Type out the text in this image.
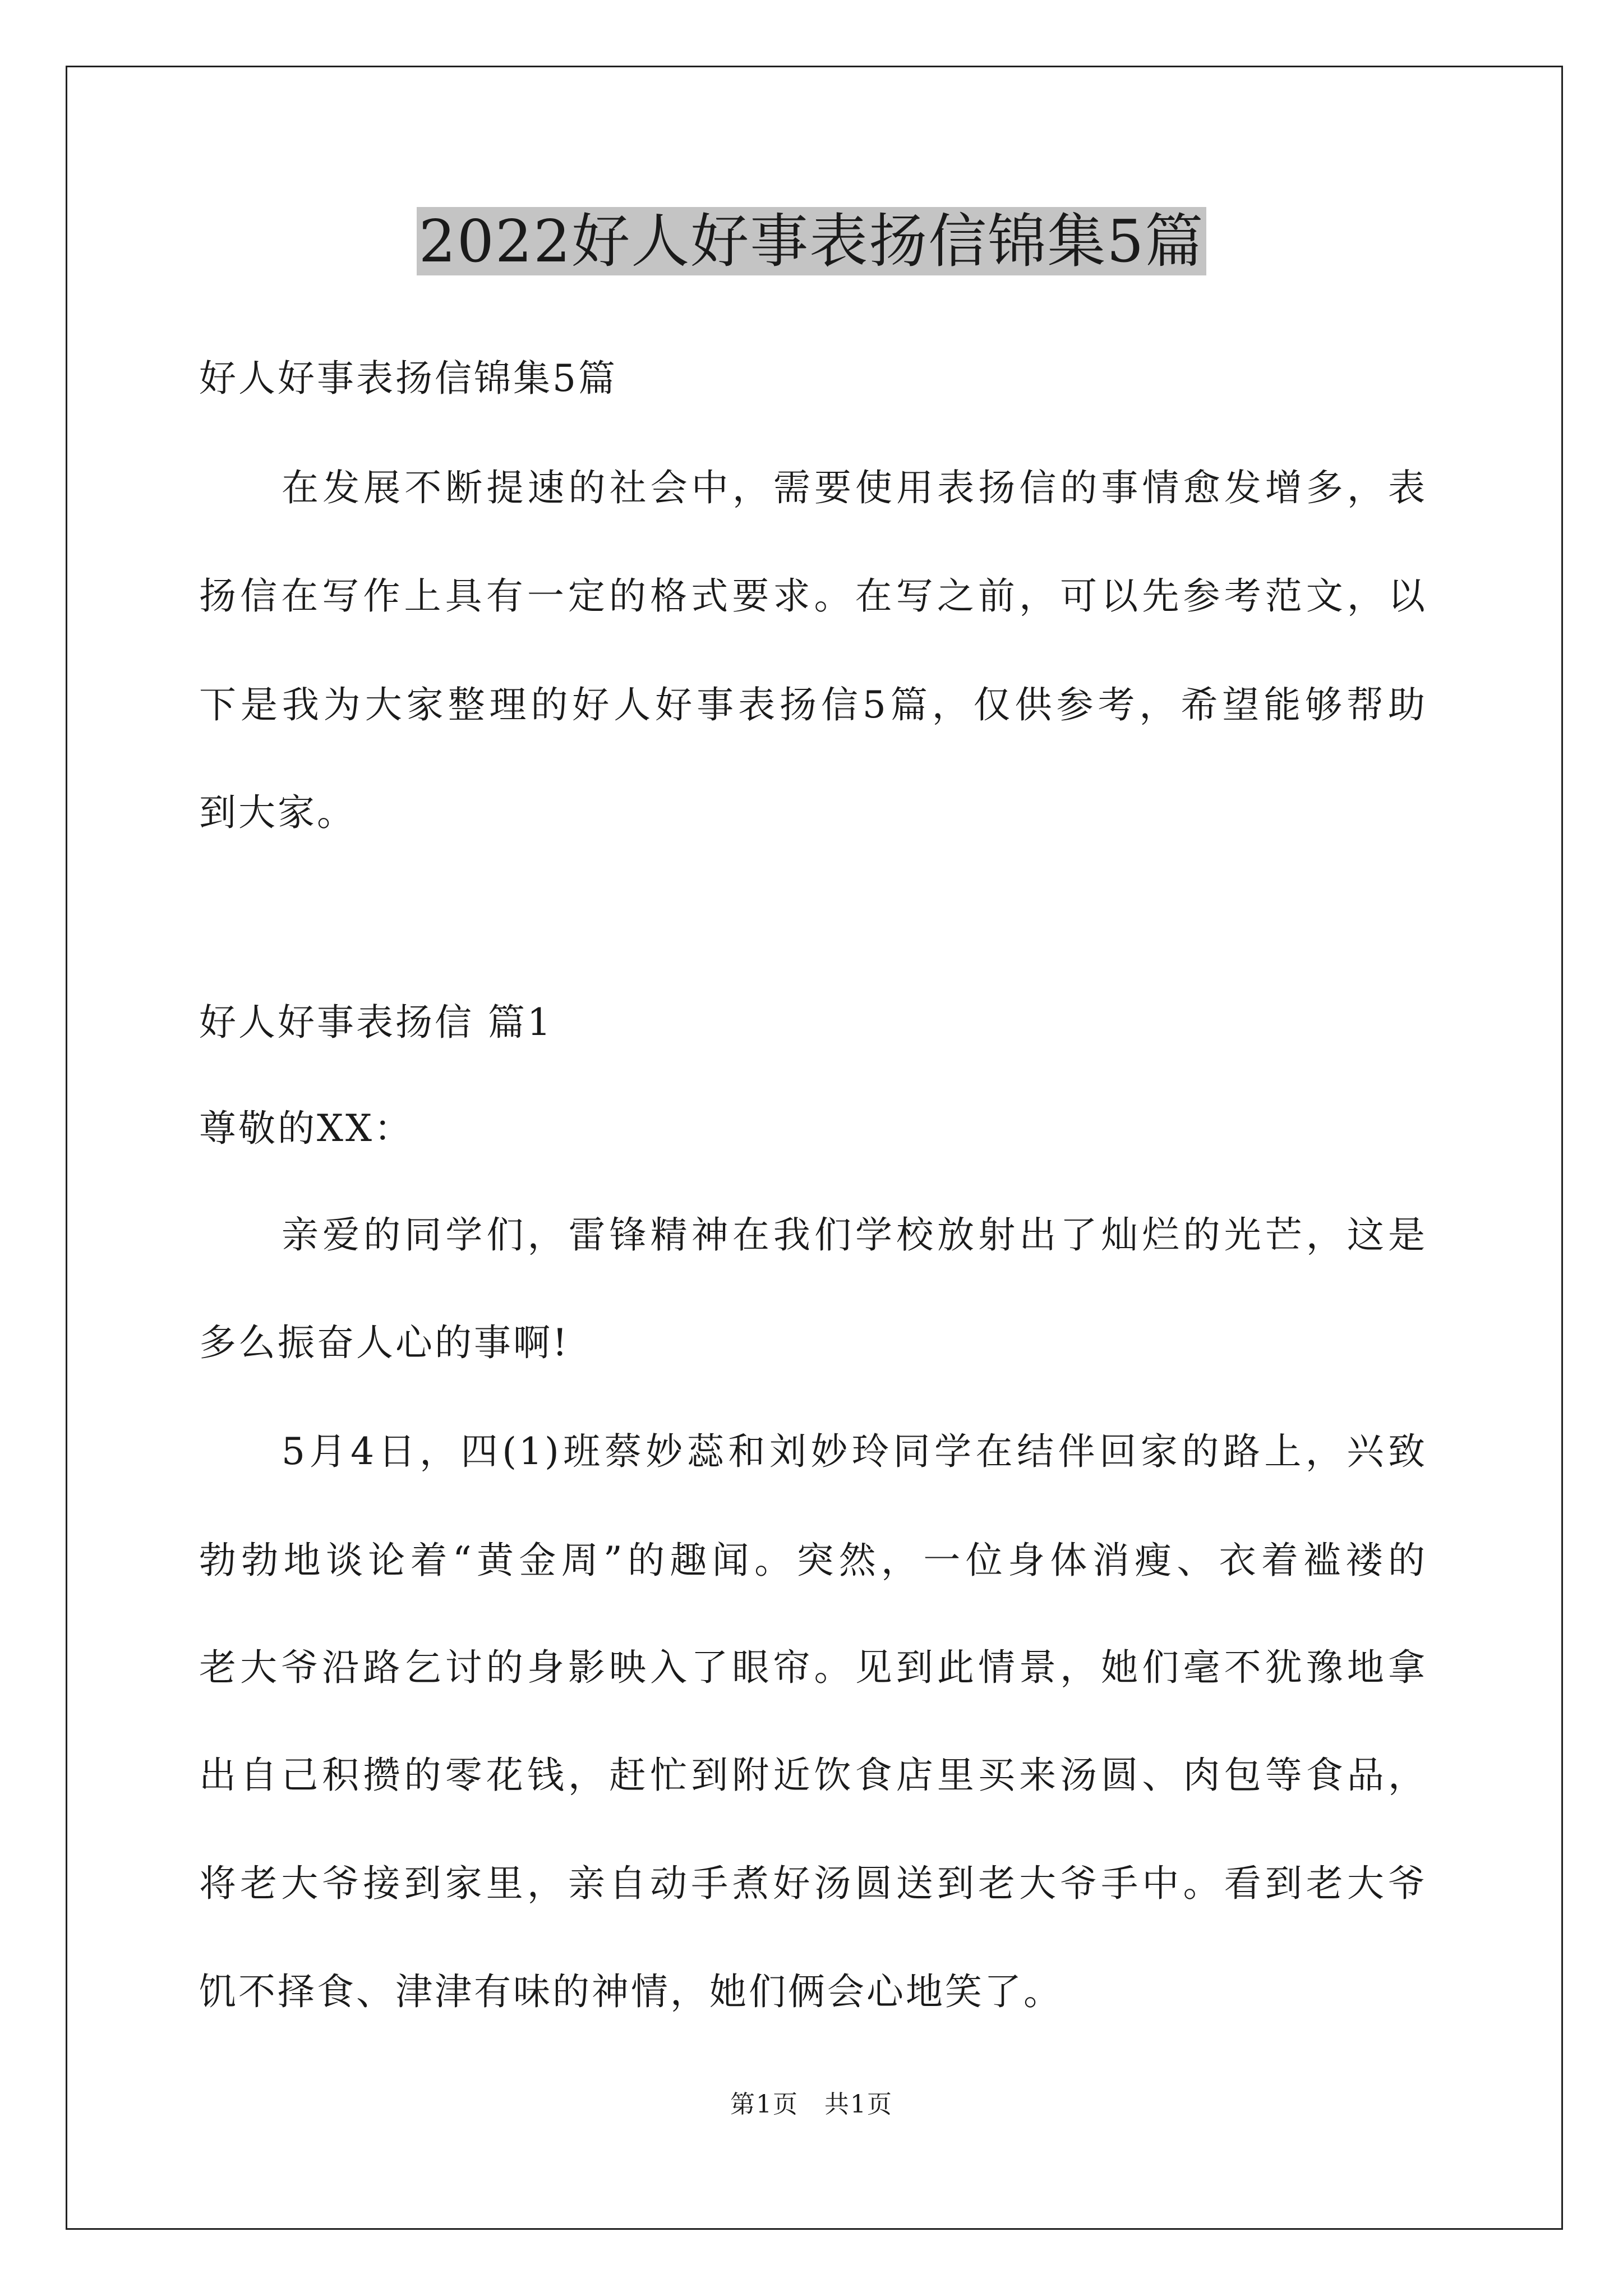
2022好人好事表扬信锦集5篇
好人好事表扬信锦集5篇
在发展不断提速的社会中，需要使用表扬信的事情愈发增多，表
扬信在写作上具有一定的格式要求。在写之前，可以先参考范文，以
下是我为大家整理的好人好事表扬信5篇，仅供参考，希望能够帮助
到大家。
好人好事表扬信 篇1
尊敬的XX：
亲爱的同学们，雷锋精神在我们学校放射出了灿烂的光芒，这是
多么振奋人心的事啊!
5月4日，四(1)班蔡妙蕊和刘妙玲同学在结伴回家的路上，兴致
勃勃地谈论着“黄金周”的趣闻。突然，一位身体消瘦、衣着褴褛的
老大爷沿路乞讨的身影映入了眼帘。见到此情景，她们毫不犹豫地拿
出自己积攒的零花钱，赶忙到附近饮食店里买来汤圆、肉包等食品，
将老大爷接到家里，亲自动手煮好汤圆送到老大爷手中。看到老大爷
饥不择食、津津有味的神情，她们俩会心地笑了。
第1页　共1页
